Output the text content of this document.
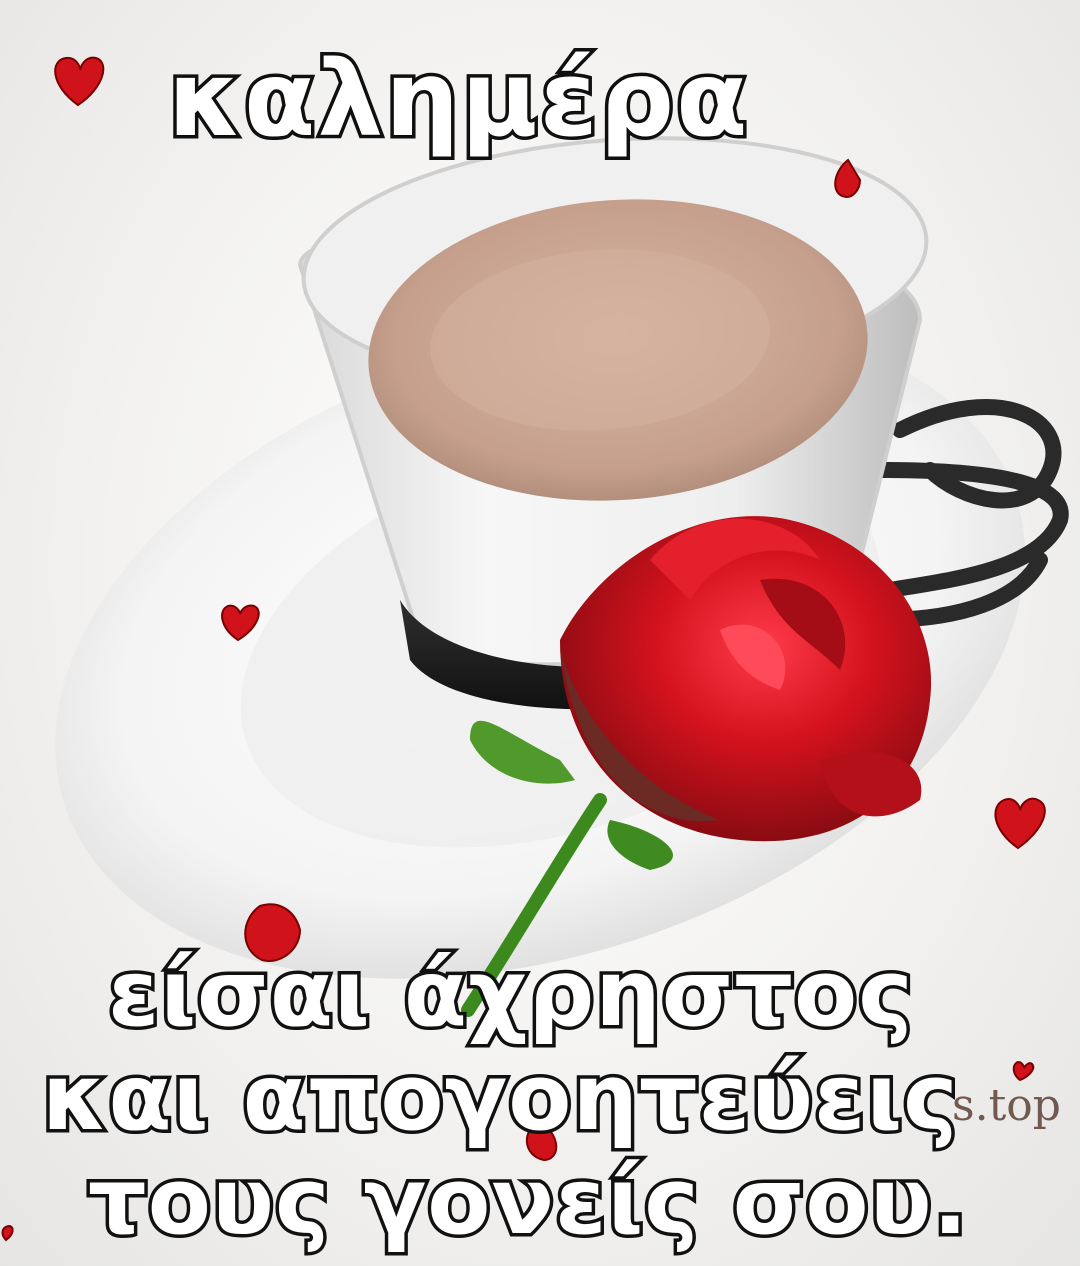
καλημέρα

s.top
είσαι άχρηστος
και απογοητεύεις
τους γονείς σου.
